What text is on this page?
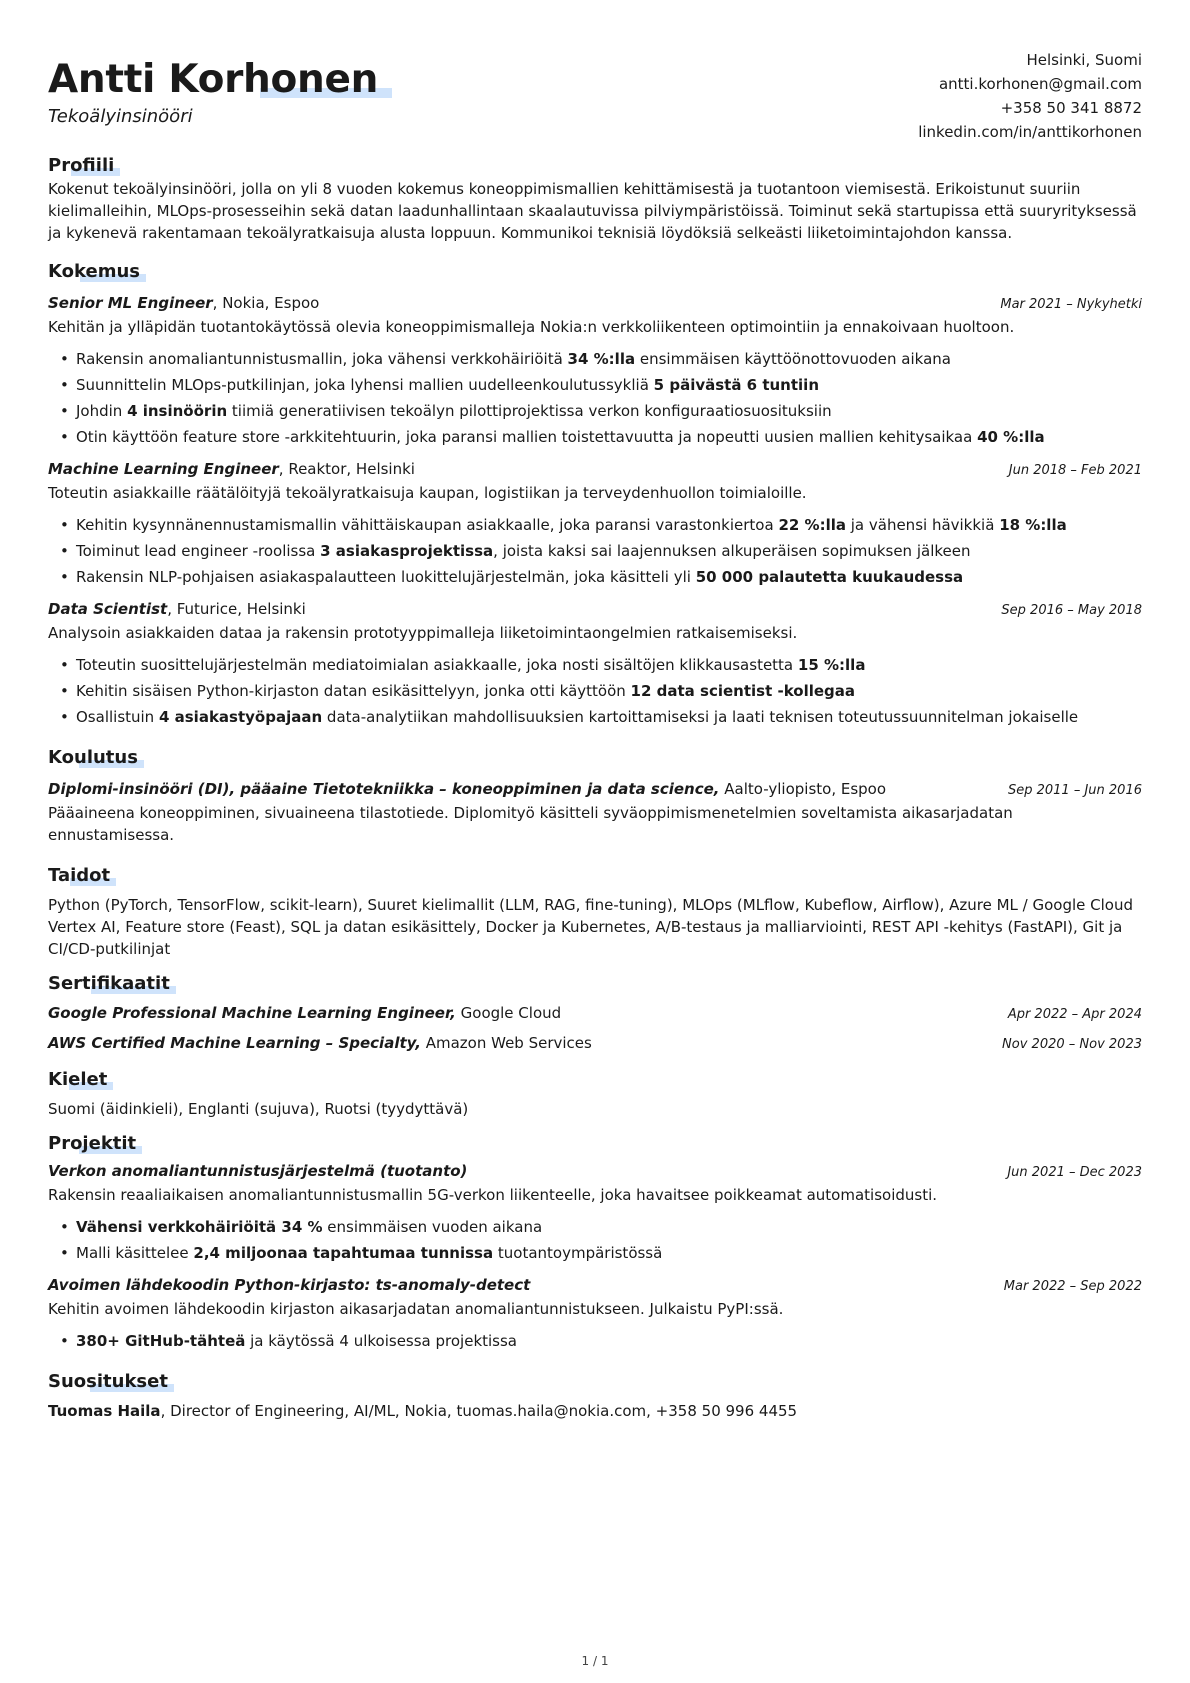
Antti Korhonen
Tekoälyinsinööri
Helsinki, Suomi
antti.korhonen@gmail.com
+358 50 341 8872
linkedin.com/in/anttikorhonen
Profiili

Kokenut tekoälyinsinööri, jolla on yli 8 vuoden kokemus koneoppimismallien kehittämisestä ja tuotantoon viemisestä. Erikoistunut suuriin kielimalleihin, MLOps-prosesseihin sekä datan laadunhallintaan skaalautuvissa pilviympäristöissä. Toiminut sekä startupissa että suuryrityksessä ja kykenevä rakentamaan tekoälyratkaisuja alusta loppuun. Kommunikoi teknisiä löydöksiä selkeästi liiketoimintajohdon kanssa.

Kokemus
Senior ML Engineer, Nokia, Espoo	Mar 2021 – Nykyhetki

Kehitän ja ylläpidän tuotantokäytössä olevia koneoppimismalleja Nokia:n verkkoliikenteen optimointiin ja ennakoivaan huoltoon.

• Rakensin anomaliantunnistusmallin, joka vähensi verkkohäiriöitä 34 %:lla ensimmäisen käyttöönottovuoden aikana
• Suunnittelin MLOps-putkilinjan, joka lyhensi mallien uudelleenkoulutussykliä 5 päivästä 6 tuntiin
• Johdin 4 insinöörin tiimiä generatiivisen tekoälyn pilottiprojektissa verkon konfiguraatiosuosituksiin
• Otin käyttöön feature store -arkkitehtuurin, joka paransi mallien toistettavuutta ja nopeutti uusien mallien kehitysaikaa 40 %:lla
Machine Learning Engineer, Reaktor, Helsinki	Jun 2018 – Feb 2021

Toteutin asiakkaille räätälöityjä tekoälyratkaisuja kaupan, logistiikan ja terveydenhuollon toimialoille.

• Kehitin kysynnänennustamismallin vähittäiskaupan asiakkaalle, joka paransi varastonkiertoa 22 %:lla ja vähensi hävikkiä 18 %:lla
• Toiminut lead engineer -roolissa 3 asiakasprojektissa, joista kaksi sai laajennuksen alkuperäisen sopimuksen jälkeen
• Rakensin NLP-pohjaisen asiakaspalautteen luokittelujärjestelmän, joka käsitteli yli 50 000 palautetta kuukaudessa
Data Scientist, Futurice, Helsinki	Sep 2016 – May 2018

Analysoin asiakkaiden dataa ja rakensin prototyyppimalleja liiketoimintaongelmien ratkaisemiseksi.

• Toteutin suosittelujärjestelmän mediatoimialan asiakkaalle, joka nosti sisältöjen klikkausastetta 15 %:lla
• Kehitin sisäisen Python-kirjaston datan esikäsittelyyn, jonka otti käyttöön 12 data scientist -kollegaa
• Osallistuin 4 asiakastyöpajaan data-analytiikan mahdollisuuksien kartoittamiseksi ja laati teknisen toteutussuunnitelman jokaiselle
Koulutus
Diplomi-insinööri (DI), pääaine Tietotekniikka – koneoppiminen ja data science, Aalto-yliopisto, Espoo	Sep 2011 – Jun 2016

Pääaineena koneoppiminen, sivuaineena tilastotiede. Diplomityö käsitteli syväoppimismenetelmien soveltamista aikasarjadatan ennustamisessa.

Taidot

Python (PyTorch, TensorFlow, scikit-learn), Suuret kielimallit (LLM, RAG, fine-tuning), MLOps (MLflow, Kubeflow, Airflow), Azure ML / Google Cloud Vertex AI, Feature store (Feast), SQL ja datan esikäsittely, Docker ja Kubernetes, A/B-testaus ja malliarviointi, REST API -kehitys (FastAPI), Git ja CI/CD-putkilinjat

Sertifikaatit
Google Professional Machine Learning Engineer, Google Cloud	Apr 2022 – Apr 2024
AWS Certified Machine Learning – Specialty, Amazon Web Services	Nov 2020 – Nov 2023
Kielet

Suomi (äidinkieli), Englanti (sujuva), Ruotsi (tyydyttävä)

Projektit
Verkon anomaliantunnistusjärjestelmä (tuotanto)	Jun 2021 – Dec 2023

Rakensin reaaliaikaisen anomaliantunnistusmallin 5G-verkon liikenteelle, joka havaitsee poikkeamat automatisoidusti.

• Vähensi verkkohäiriöitä 34 % ensimmäisen vuoden aikana
• Malli käsittelee 2,4 miljoonaa tapahtumaa tunnissa tuotantoympäristössä
Avoimen lähdekoodin Python-kirjasto: ts-anomaly-detect	Mar 2022 – Sep 2022

Kehitin avoimen lähdekoodin kirjaston aikasarjadatan anomaliantunnistukseen. Julkaistu PyPI:ssä.

• 380+ GitHub-tähteä ja käytössä 4 ulkoisessa projektissa
Suositukset

Tuomas Haila, Director of Engineering, AI/ML, Nokia, tuomas.haila@nokia.com, +358 50 996 4455

1 / 1
